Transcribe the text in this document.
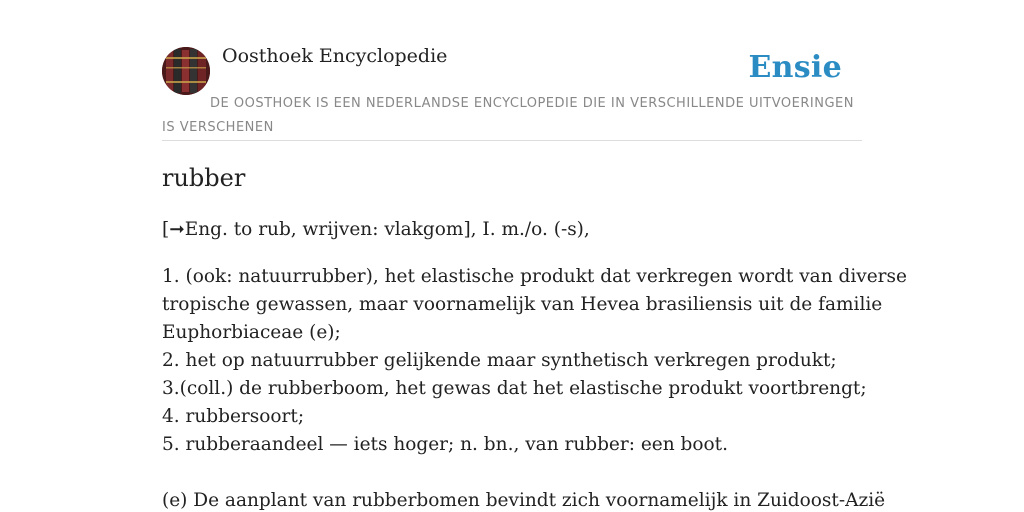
Oosthoek Encyclopedie	Ensie
DE OOSTHOEK IS EEN NEDERLANDSE ENCYCLOPEDIE DIE IN VERSCHILLENDE UITVOERINGEN IS VERSCHENEN
rubber
[➞Eng. to rub, wrijven: vlakgom], I. m./o. (-s),
1. (ook: natuurrubber), het elastische produkt dat verkregen wordt van diverse
tropische gewassen, maar voornamelijk van Hevea brasiliensis uit de familie
Euphorbiaceae (e);
2. het op natuurrubber gelijkende maar synthetisch verkregen produkt;
3.(coll.) de rubberboom, het gewas dat het elastische produkt voortbrengt;
4. rubbersoort;
5. rubberaandeel — iets hoger; n. bn., van rubber: een boot.
(e) De aanplant van rubberbomen bevindt zich voornamelijk in Zuidoost-Azië
